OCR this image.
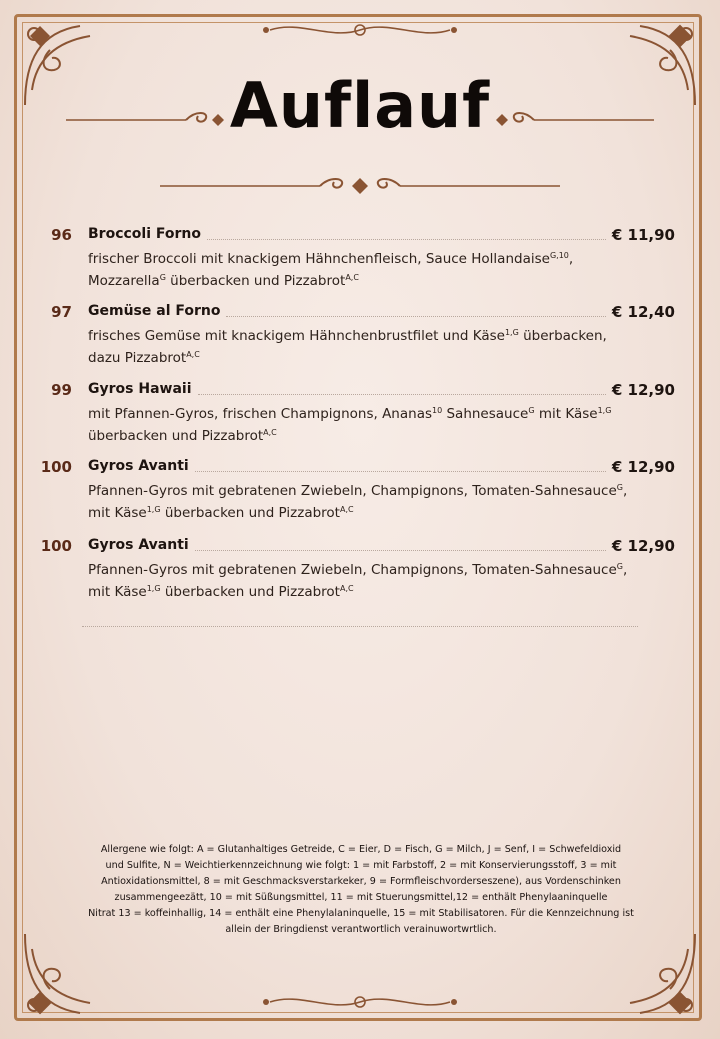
Auflauf
96 Broccoli Forno	€ 11,90
frischer Broccoli mit knackigem Hähnchenfleisch, Sauce Hollandaise$^{G,10}$,
Mozzarella$^G$ überbacken und Pizzabrot$^{A,C}$
97 Gemüse al Forno	€ 12,40
frisches Gemüse mit knackigem Hähnchenbrustfilet und Käse$^{1,G}$ überbacken,
dazu Pizzabrot$^{A,C}$
99 Gyros Hawaii	€ 12,90
mit Pfannen-Gyros, frischen Champignons, Ananas$^{10}$ Sahnesauce$^G$ mit Käse$^{1,G}$
überbacken und Pizzabrot$^{A,C}$
100 Gyros Avanti	€ 12,90
Pfannen-Gyros mit gebratenen Zwiebeln, Champignons, Tomaten-Sahnesauce$^G$,
mit Käse$^{1,G}$ überbacken und Pizzabrot$^{A,C}$
100 Gyros Avanti	€ 12,90
Pfannen-Gyros mit gebratenen Zwiebeln, Champignons, Tomaten-Sahnesauce$^G$,
mit Käse$^{1,G}$ überbacken und Pizzabrot$^{A,C}$
Allergene wie folgt: A = Glutanhaltiges Getreide, C = Eier, D = Fisch, G = Milch, J = Senf, I = Schwefeldioxid
und Sulfite, N = Weichtierkennzeichnung wie folgt: 1 = mit Farbstoff, 2 = mit Konservierungsstoff, 3 = mit
Antioxidationsmittel, 8 = mit Geschmacksverstarkeker, 9 = Formfleischvorderseszene), aus Vordenschinken
zusammengeezätt, 10 = mit Süßungsmittel, 11 = mit Stuerungsmittel,12 = enthält Phenylaaninquelle
Nitrat 13 = koffeinhallig, 14 = enthält eine Phenylalaninquelle, 15 = mit Stabilisatoren. Für die Kennzeichnung ist
allein der Bringdienst verantwortlich verainuwortwrtlich.
